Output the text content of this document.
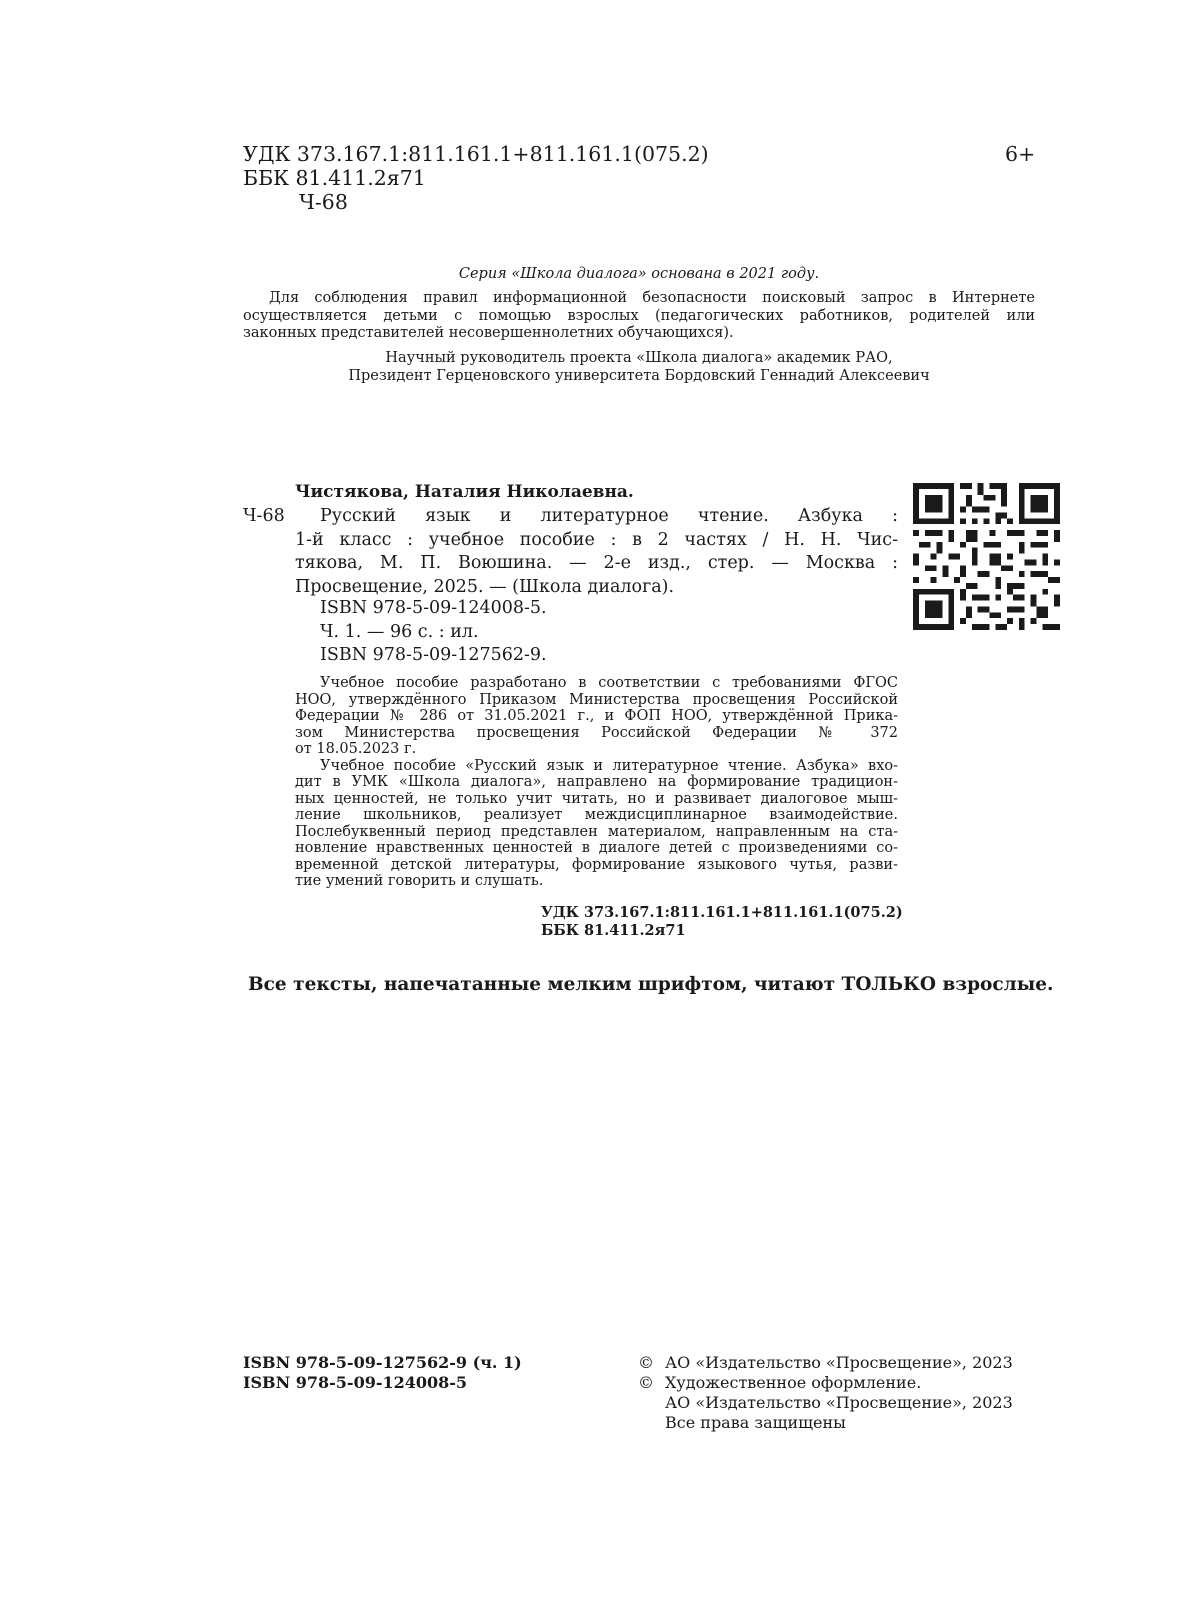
УДК 373.167.1:811.161.1+811.161.1(075.2)
ББК 81.411.2я71
Ч-68
6+
Серия «Школа диалога» основана в 2021 году.
Для соблюдения правил информационной безопасности поисковый запрос в Интернете
осуществляется детьми с помощью взрослых (педагогических работников, родителей или
законных представителей несовершеннолетних обучающихся).
Научный руководитель проекта «Школа диалога» академик РАО,
Президент Герценовского университета Бордовский Геннадий Алексеевич
Чистякова, Наталия Николаевна.
Ч-68	Русский язык и литературное чтение. Азбука :
1-й класс : учебное пособие : в 2 частях / Н. Н. Чис-
тякова, М. П. Воюшина. — 2-е изд., стер. — Москва :
Просвещение, 2025. — (Школа диалога).
ISBN 978-5-09-124008-5.
Ч. 1. — 96 с. : ил.
ISBN 978-5-09-127562-9.
Учебное пособие разработано в соответствии с требованиями ФГОС
НОО, утверждённого Приказом Министерства просвещения Российской
Федерации № 286 от 31.05.2021 г., и ФОП НОО, утверждённой Прика-
зом Министерства просвещения Российской Федерации № 372
от 18.05.2023 г.
Учебное пособие «Русский язык и литературное чтение. Азбука» вхо-
дит в УМК «Школа диалога», направлено на формирование традицион-
ных ценностей, не только учит читать, но и развивает диалоговое мыш-
ление школьников, реализует междисциплинарное взаимодействие.
Послебуквенный период представлен материалом, направленным на ста-
новление нравственных ценностей в диалоге детей с произведениями со-
временной детской литературы, формирование языкового чутья, разви-
тие умений говорить и слушать.
УДК 373.167.1:811.161.1+811.161.1(075.2)
ББК 81.411.2я71
Все тексты, напечатанные мелким шрифтом, читают ТОЛЬКО взрослые.
ISBN 978-5-09-127562-9 (ч. 1)
ISBN 978-5-09-124008-5
© АО «Издательство «Просвещение», 2023
© Художественное оформление.
АО «Издательство «Просвещение», 2023
Все права защищены
